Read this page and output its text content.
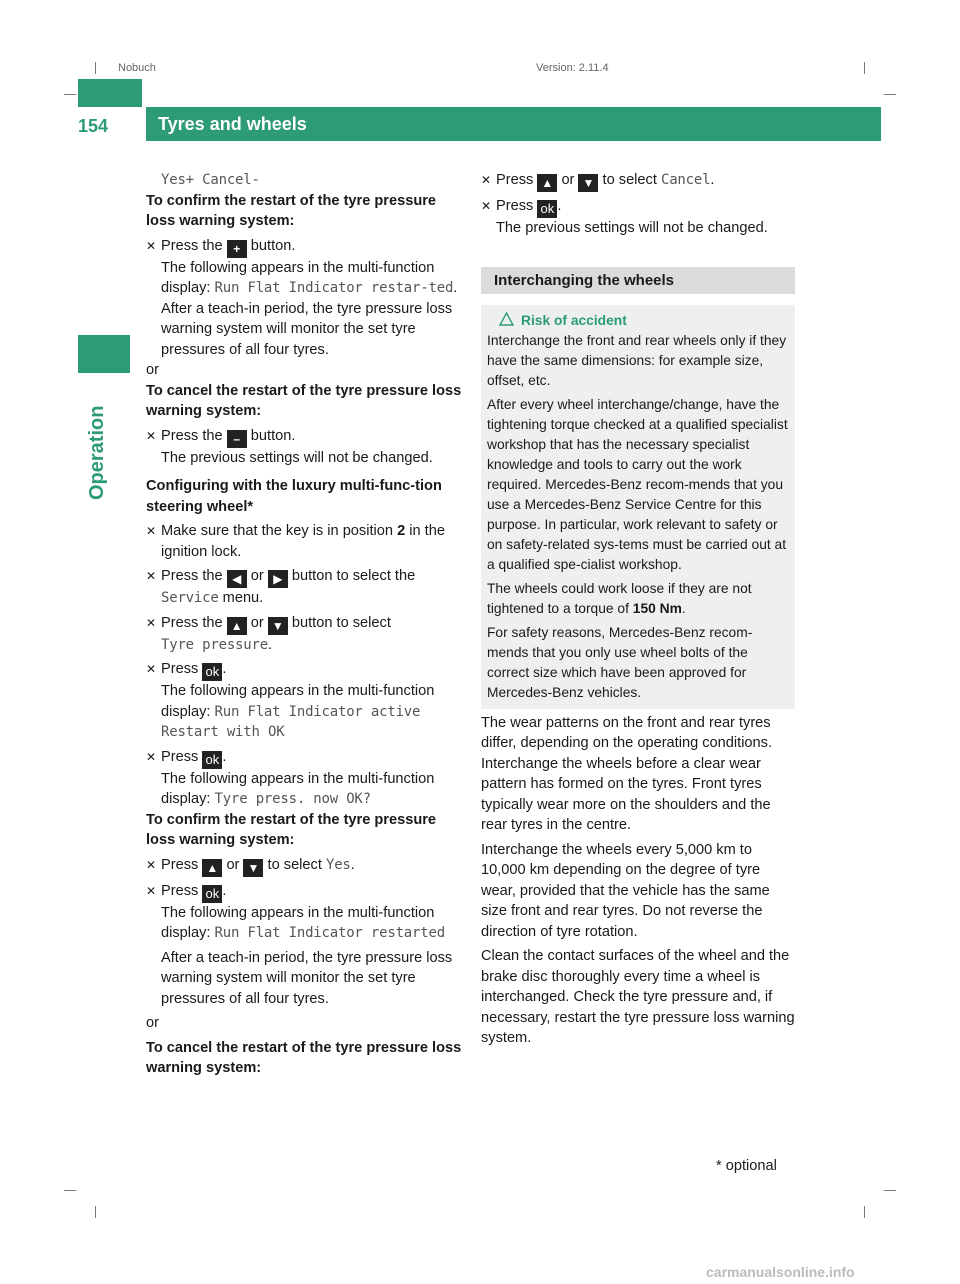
Nobuch	Version: 2.11.4
Tyres and wheels
154
Operation

Yes+ Cancel-

To confirm the restart of the tyre pressure loss warning system:

✕ Press the + button.
The following appears in the multi-function display: Run Flat Indicator restar-ted.
After a teach-in period, the tyre pressure loss warning system will monitor the set tyre pressures of all four tyres.

or

To cancel the restart of the tyre pressure loss warning system:

✕ Press the – button.
The previous settings will not be changed.

Configuring with the luxury multi-func-tion steering wheel*

✕ Make sure that the key is in position 2 in the ignition lock.
✕ Press the ◀ or ▶ button to select the
Service menu.
✕ Press the ▲ or ▼ button to select
Tyre pressure.
✕ Press ok .
The following appears in the multi-function display: Run Flat Indicator active Restart with OK
✕ Press ok .
The following appears in the multi-function display: Tyre press. now OK?

To confirm the restart of the tyre pressure loss warning system:

✕ Press ▲ or ▼ to select Yes.
✕ Press ok .
The following appears in the multi-function display: Run Flat Indicator restarted
After a teach-in period, the tyre pressure loss warning system will monitor the set tyre pressures of all four tyres.

or

To cancel the restart of the tyre pressure loss warning system:

✕ Press ▲ or ▼ to select Cancel.
✕ Press ok .
The previous settings will not be changed.
Interchanging the wheels
Risk of accident

Interchange the front and rear wheels only if they have the same dimensions: for example size, offset, etc.

After every wheel interchange/change, have the tightening torque checked at a qualified specialist workshop that has the necessary specialist knowledge and tools to carry out the work required. Mercedes-Benz recom-mends that you use a Mercedes-Benz Service Centre for this purpose. In particular, work relevant to safety or on safety-related sys-tems must be carried out at a qualified spe-cialist workshop.

The wheels could work loose if they are not tightened to a torque of 150 Nm.

For safety reasons, Mercedes-Benz recom-mends that you only use wheel bolts of the correct size which have been approved for Mercedes-Benz vehicles.

The wear patterns on the front and rear tyres differ, depending on the operating conditions. Interchange the wheels before a clear wear pattern has formed on the tyres. Front tyres typically wear more on the shoulders and the rear tyres in the centre.

Interchange the wheels every 5,000 km to 10,000 km depending on the degree of tyre wear, provided that the vehicle has the same size front and rear tyres. Do not reverse the direction of tyre rotation.

Clean the contact surfaces of the wheel and the brake disc thoroughly every time a wheel is interchanged. Check the tyre pressure and, if necessary, restart the tyre pressure loss warning system.

* optional
carmanualsonline.info
